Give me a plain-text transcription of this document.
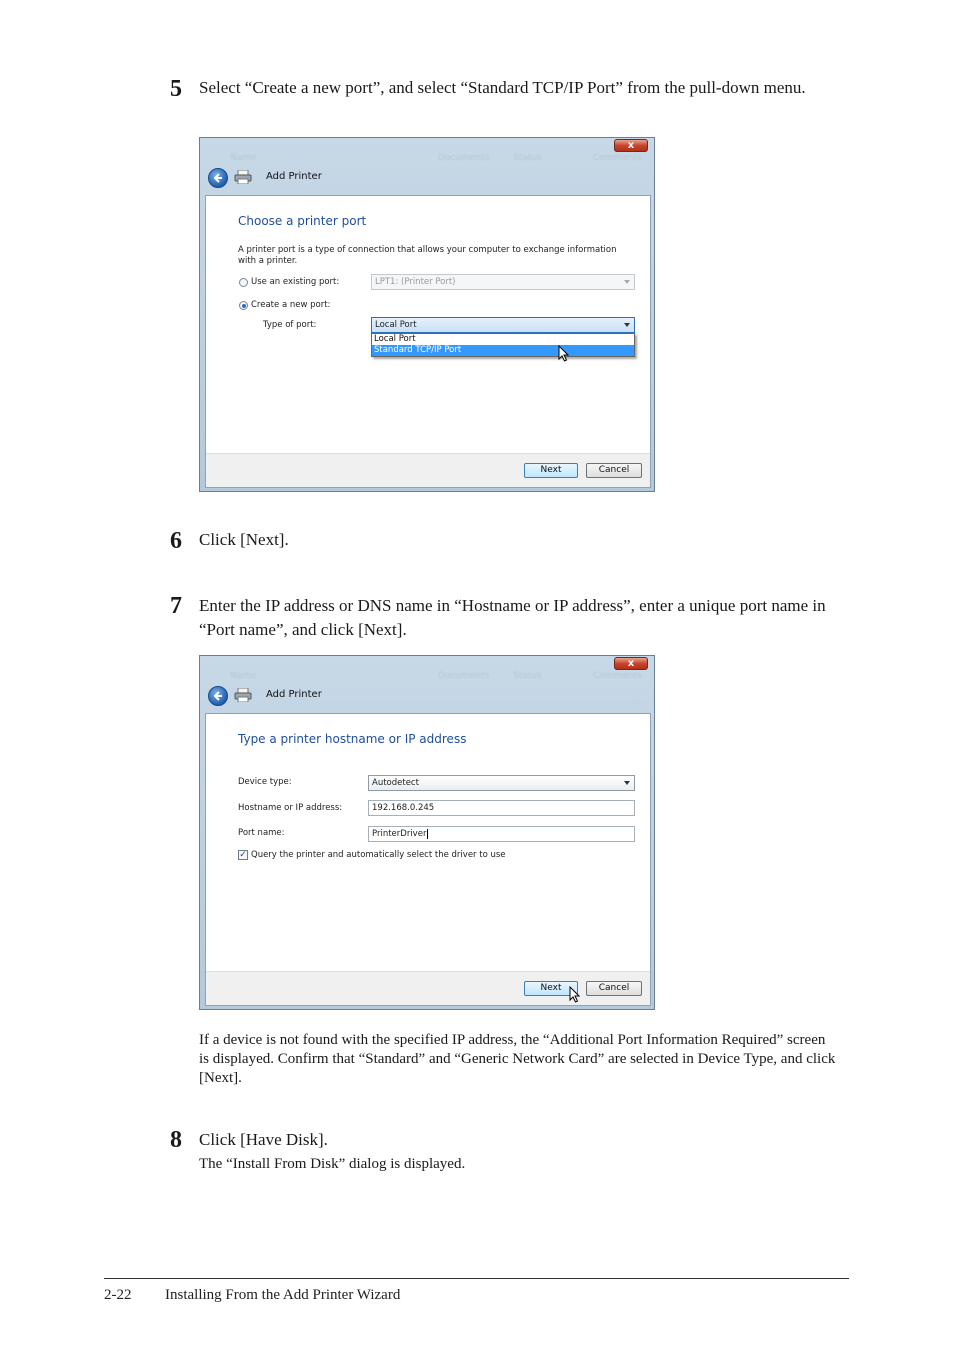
5 Select “Create a new port”, and select “Standard TCP/IP Port” from the pull-down menu.
Name	Documents	Status	Comments
x
Add Printer
Choose a printer port
A printer port is a type of connection that allows your computer to exchange information with a printer.
Use an existing port:	LPT1: (Printer Port)
Create a new port:
Type of port:	Local Port
Local Port
Standard TCP/IP Port
Next	Cancel
6 Click [Next].
7 Enter the IP address or DNS name in “Hostname or IP address”, enter a unique port name in “Port name”, and click [Next].
Name	Documents	Status	Comments
x
Add Printer
Type a printer hostname or IP address
Device type:	Autodetect
Hostname or IP address:	192.168.0.245
Port name:	PrinterDriver
✓ Query the printer and automatically select the driver to use
Next	Cancel
If a device is not found with the specified IP address, the “Additional Port Information Required” screen is displayed. Confirm that “Standard” and “Generic Network Card” are selected in Device Type, and click [Next].
8 Click [Have Disk].
The “Install From Disk” dialog is displayed.
2-22 Installing From the Add Printer Wizard
